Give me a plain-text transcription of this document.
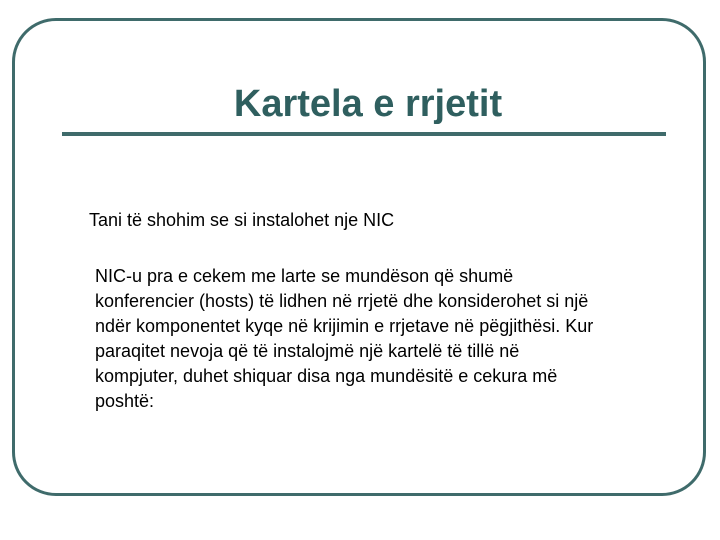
Kartela e rrjetit
Tani të shohim se si instalohet nje NIC

NIC-u pra e cekem me larte se mundëson që shumë
konferencier (hosts) të lidhen në rrjetë dhe konsiderohet si një
ndër komponentet kyqe në krijimin e rrjetave në pëgjithësi. Kur
paraqitet nevoja që të instalojmë një kartelë të tillë në
kompjuter, duhet shiquar disa nga mundësitë e cekura më
poshtë:
